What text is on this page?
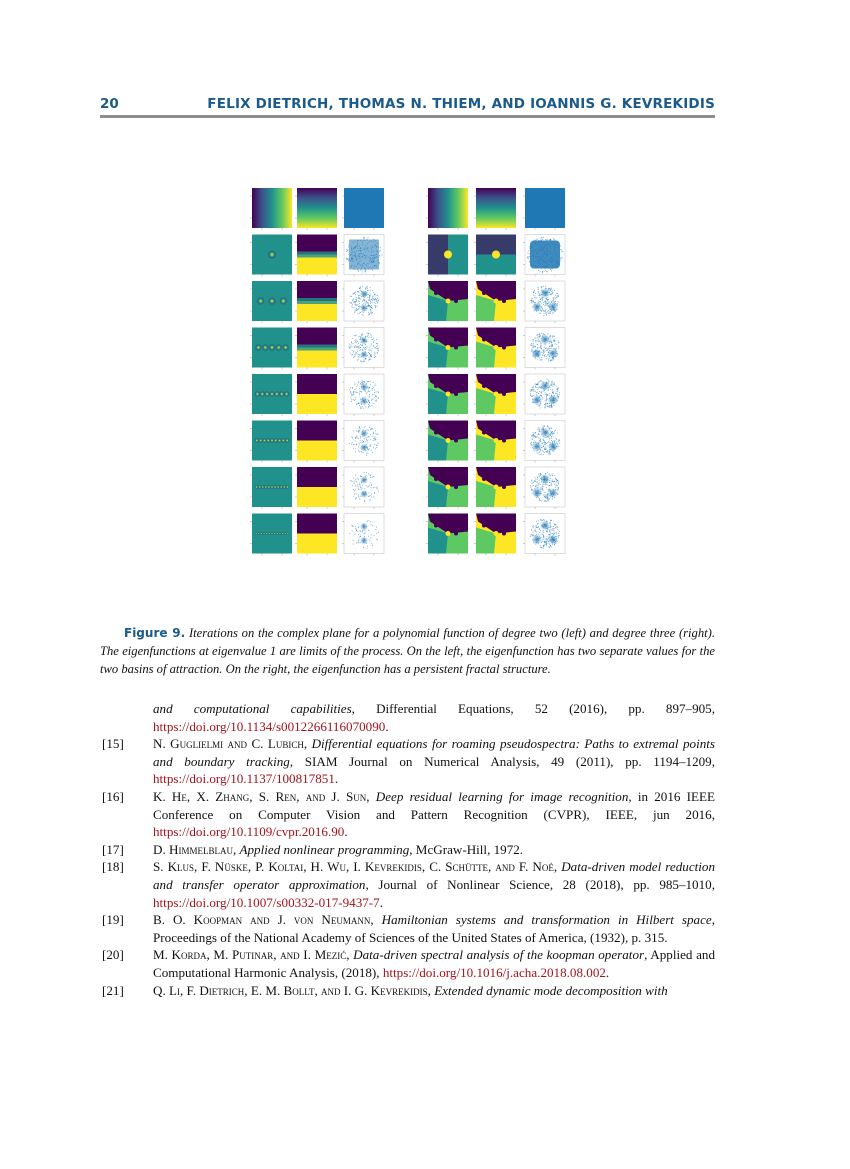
20	FELIX DIETRICH, THOMAS N. THIEM, AND IOANNIS G. KEVREKIDIS
Figure 9. Iterations on the complex plane for a polynomial function of degree two (left) and degree three (right). The eigenfunctions at eigenvalue 1 are limits of the process. On the left, the eigenfunction has two separate values for the two basins of attraction. On the right, the eigenfunction has a persistent fractal structure.
and computational capabilities, Differential Equations, 52 (2016), pp. 897–905, https://doi.org/10.1134/s0012266116070090.
[15] N. Guglielmi and C. Lubich, Differential equations for roaming pseudospectra: Paths to extremal points and boundary tracking, SIAM Journal on Numerical Analysis, 49 (2011), pp. 1194–1209, https://doi.org/10.1137/100817851.
[16] K. He, X. Zhang, S. Ren, and J. Sun, Deep residual learning for image recognition, in 2016 IEEE Conference on Computer Vision and Pattern Recognition (CVPR), IEEE, jun 2016, https://doi.org/10.1109/cvpr.2016.90.
[17] D. Himmelblau, Applied nonlinear programming, McGraw-Hill, 1972.
[18] S. Klus, F. Nüske, P. Koltai, H. Wu, I. Kevrekidis, C. Schütte, and F. Noé, Data-driven model reduction and transfer operator approximation, Journal of Nonlinear Science, 28 (2018), pp. 985–1010, https://doi.org/10.1007/s00332-017-9437-7.
[19] B. O. Koopman and J. von Neumann, Hamiltonian systems and transformation in Hilbert space, Proceedings of the National Academy of Sciences of the United States of America, (1932), p. 315.
[20] M. Korda, M. Putinar, and I. Mezić, Data-driven spectral analysis of the koopman operator, Applied and Computational Harmonic Analysis, (2018), https://doi.org/10.1016/j.acha.2018.08.002.
[21] Q. Li, F. Dietrich, E. M. Bollt, and I. G. Kevrekidis, Extended dynamic mode decomposition with
